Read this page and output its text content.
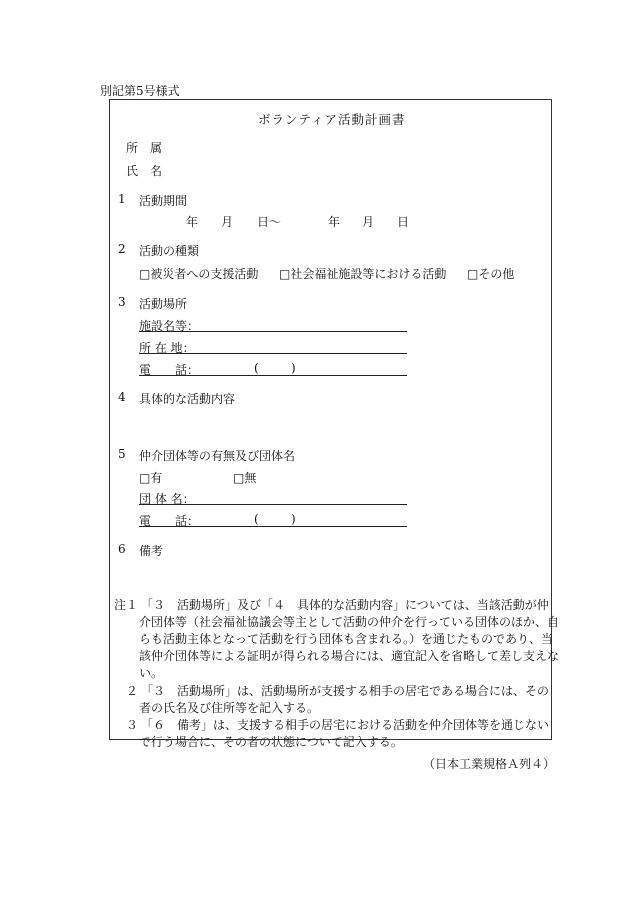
別記第5号様式
ボランティア活動計画書
所　属
氏　名
1 活動期間
年 月 日〜	年 月 日
2 活動の種類
□被災者への支援活動 □社会福祉施設等における活動 □その他
3 活動場所
施設名等：
所 在 地：
電　　話：	(	)
4 具体的な活動内容
5 仲介団体等の有無及び団体名
□有	□無
団 体 名：
電　　話：	(	)
6 備考
注１ 「３　活動場所」及び「４　具体的な活動内容」については、当該活動が仲
介団体等（社会福祉協議会等主として活動の仲介を行っている団体のほか、自
らも活動主体となって活動を行う団体も含まれる。）を通じたものであり、当
該仲介団体等による証明が得られる場合には、適宜記入を省略して差し支えな
い。
２ 「３　活動場所」は、活動場所が支援する相手の居宅である場合には、その
者の氏名及び住所等を記入する。
３ 「６　備考」は、支援する相手の居宅における活動を仲介団体等を通じない
で行う場合に、その者の状態について記入する。
（日本工業規格Ａ列４）
